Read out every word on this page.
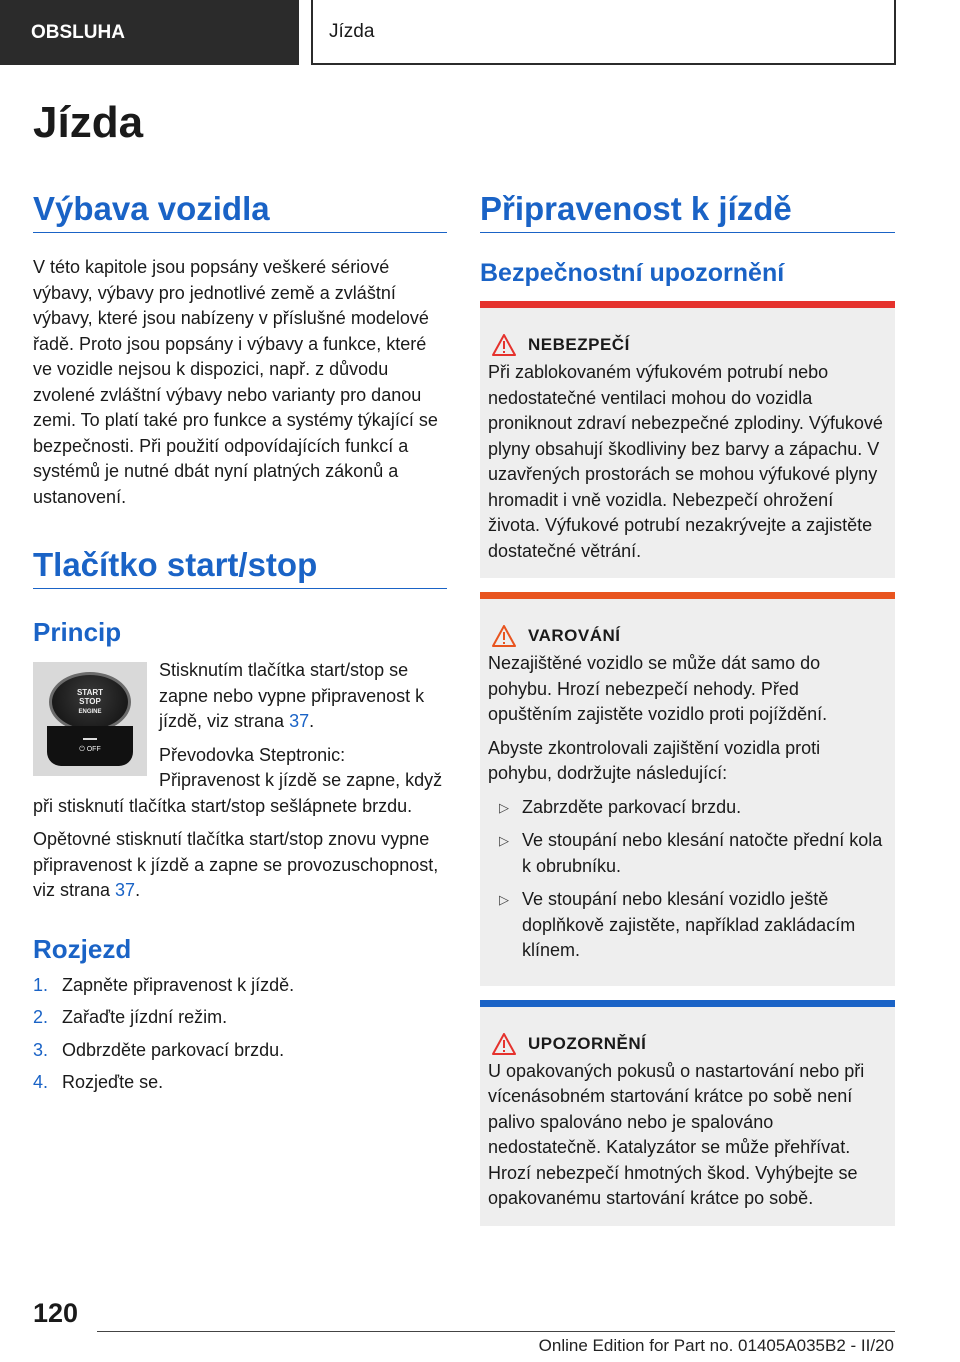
OBSLUHA	Jízda
Jízda
Výbava vozidla

V této kapitole jsou popsány veškeré sériové výbavy, výbavy pro jednotlivé země a zvláštní výbavy, které jsou nabízeny v příslušné modelové řadě. Proto jsou popsány i výbavy a funkce, které ve vozidle nejsou k dispozici, např. z důvodu zvolené zvláštní výbavy nebo varianty pro danou zemi. To platí také pro funkce a systémy týkající se bezpečnosti. Při použití odpovídajících funkcí a systémů je nutné dbát nyní platných zákonů a ustanovení.

Tlačítko start/stop
Princip
START
STOP
ENGINE
⏻ OFF

Stisknutím tlačítka start/stop se zapne nebo vypne připravenost k jízdě, viz strana 37.

Převodovka Steptronic: Připravenost k jízdě se zapne, když při stisknutí tlačítka start/stop sešlápnete brzdu.

Opětovné stisknutí tlačítka start/stop znovu vypne připravenost k jízdě a zapne se provozuschopnost, viz strana 37.

Rozjezd
1. Zapněte připravenost k jízdě.
2. Zařaďte jízdní režim.
3. Odbrzděte parkovací brzdu.
4. Rozjeďte se.
Připravenost k jízdě
Bezpečnostní upozornění
NEBEZPEČÍ

Při zablokovaném výfukovém potrubí nebo nedostatečné ventilaci mohou do vozidla proniknout zdraví nebezpečné zplodiny. Výfukové plyny obsahují škodliviny bez barvy a zápachu. V uzavřených prostorách se mohou výfukové plyny hromadit i vně vozidla. Nebezpečí ohrožení života. Výfukové potrubí nezakrývejte a zajistěte dostatečné větrání.

VAROVÁNÍ

Nezajištěné vozidlo se může dát samo do pohybu. Hrozí nebezpečí nehody. Před opuštěním zajistěte vozidlo proti pojíždění.

Abyste zkontrolovali zajištění vozidla proti pohybu, dodržujte následující:

▷ Zabrzděte parkovací brzdu.
▷ Ve stoupání nebo klesání natočte přední kola k obrubníku.
▷ Ve stoupání nebo klesání vozidlo ještě doplňkově zajistěte, například zakládacím klínem.
UPOZORNĚNÍ

U opakovaných pokusů o nastartování nebo při vícenásobném startování krátce po sobě není palivo spalováno nebo je spalováno nedostatečně. Katalyzátor se může přehřívat. Hrozí nebezpečí hmotných škod. Vyhýbejte se opakovanému startování krátce po sobě.

120
Online Edition for Part no. 01405A035B2 - II/20
